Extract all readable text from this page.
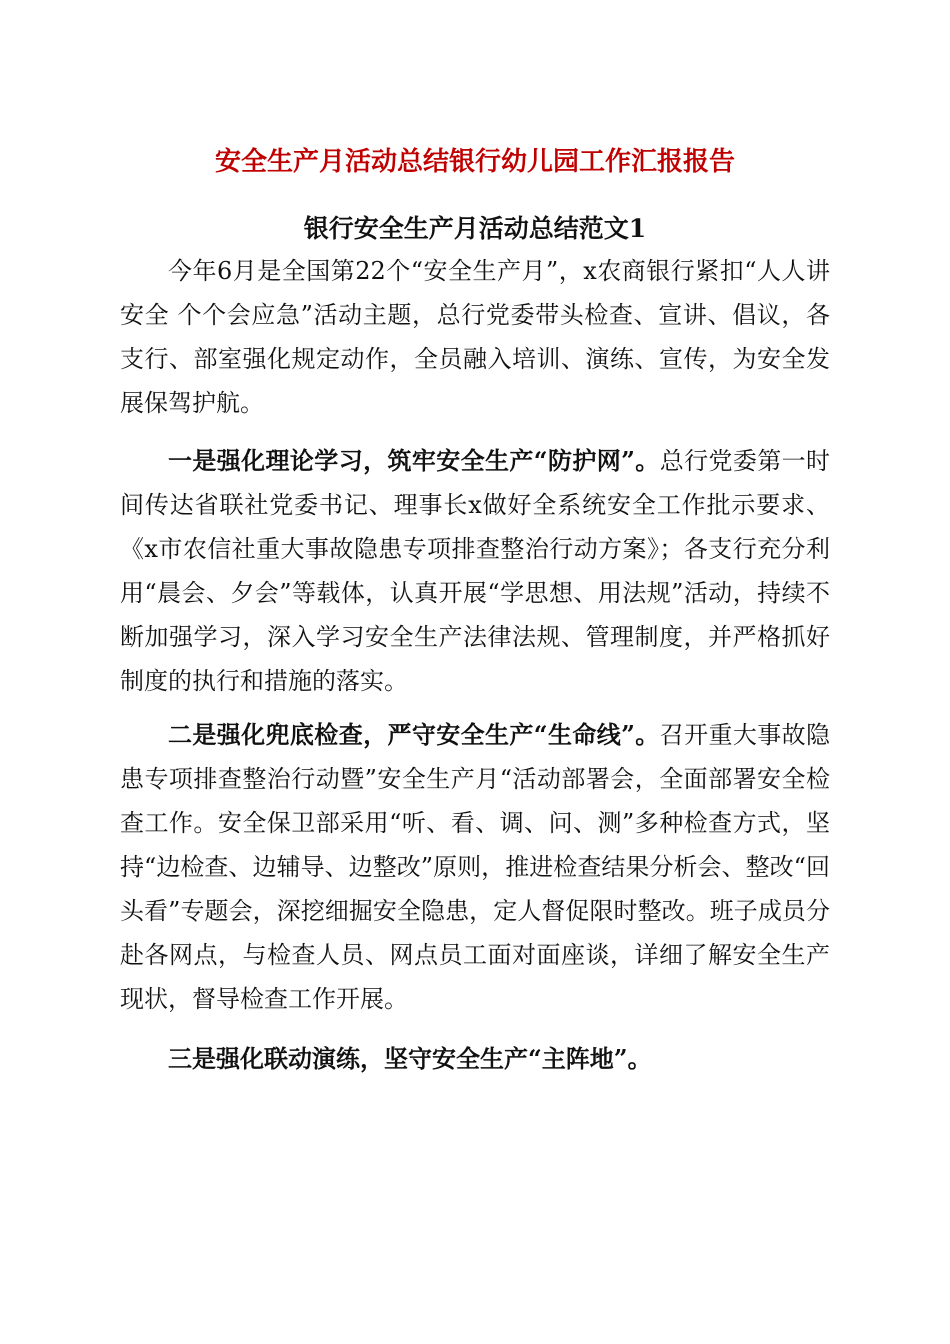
安全生产月活动总结银行幼儿园工作汇报报告
银行安全生产月活动总结范文1

今年6月是全国第22个“安全生产月”，x农商银行紧扣“人人讲安全 个个会应急”活动主题，总行党委带头检查、宣讲、倡议，各支行、部室强化规定动作，全员融入培训、演练、宣传，为安全发展保驾护航。

一是强化理论学习，筑牢安全生产“防护网”。总行党委第一时间传达省联社党委书记、理事长x做好全系统安全工作批示要求、《x市农信社重大事故隐患专项排查整治行动方案》；各支行充分利用“晨会、夕会”等载体，认真开展“学思想、用法规”活动，持续不断加强学习，深入学习安全生产法律法规、管理制度，并严格抓好制度的执行和措施的落实。

二是强化兜底检查，严守安全生产“生命线”。召开重大事故隐患专项排查整治行动暨”安全生产月“活动部署会，全面部署安全检查工作。安全保卫部采用“听、看、调、问、测”多种检查方式，坚持“边检查、边辅导、边整改”原则，推进检查结果分析会、整改“回头看”专题会，深挖细掘安全隐患，定人督促限时整改。班子成员分赴各网点，与检查人员、网点员工面对面座谈，详细了解安全生产现状，督导检查工作开展。

三是强化联动演练，坚守安全生产“主阵地”。
